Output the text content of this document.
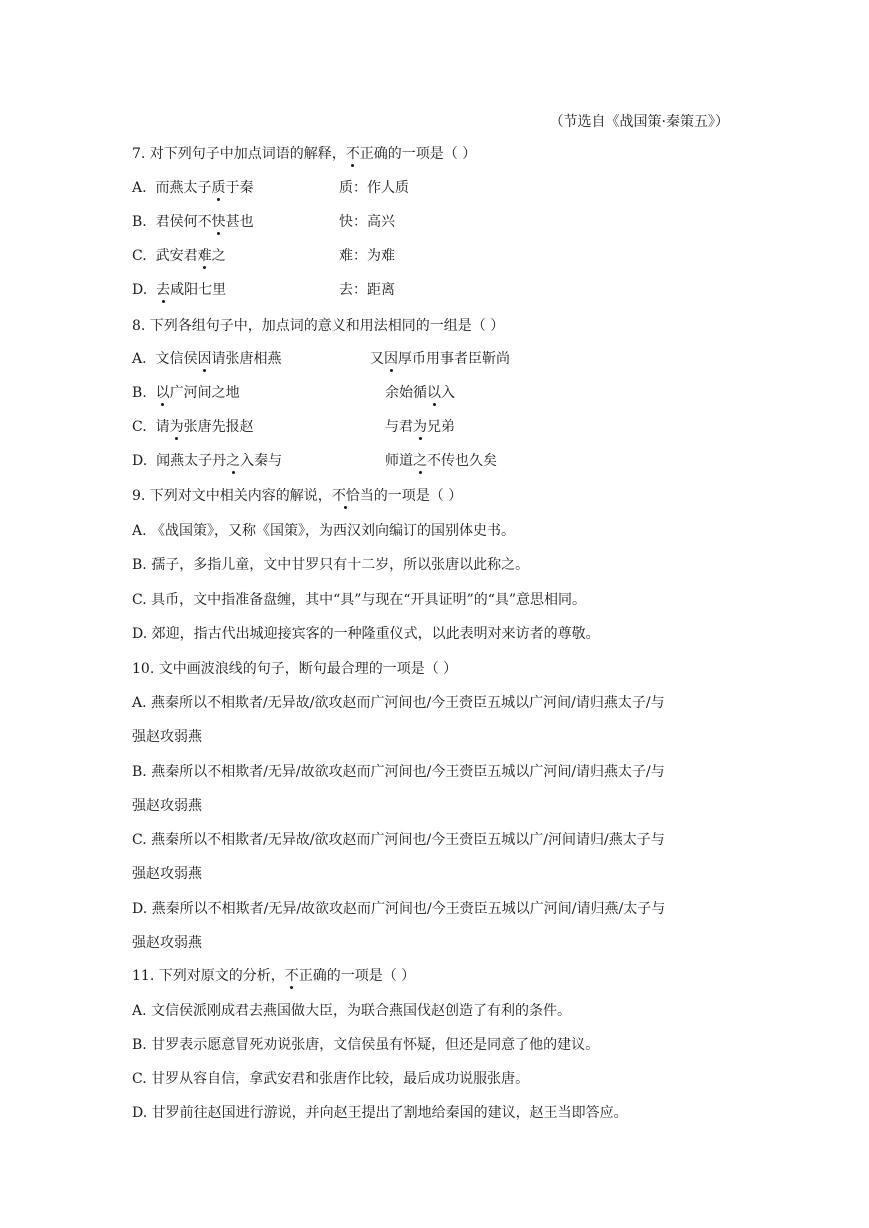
（节选自《战国策·秦策五》）
7. 对下列句子中加点词语的解释，不正确的一项是（ ）
A. 而燕太子质于秦	质：作人质
B. 君侯何不快甚也	快：高兴
C. 武安君难之	难：为难
D. 去咸阳七里	去：距离
8. 下列各组句子中，加点词的意义和用法相同的一组是（ ）
A. 文信侯因请张唐相燕	又因厚币用事者臣靳尚
B. 以广河间之地	余始循以入
C. 请为张唐先报赵	与君为兄弟
D. 闻燕太子丹之入秦与	师道之不传也久矣
9. 下列对文中相关内容的解说，不恰当的一项是（ ）
A. 《战国策》，又称《国策》，为西汉刘向编订的国别体史书。
B. 孺子，多指儿童，文中甘罗只有十二岁，所以张唐以此称之。
C. 具币，文中指准备盘缠，其中“具”与现在“开具证明”的“具”意思相同。
D. 郊迎，指古代出城迎接宾客的一种隆重仪式，以此表明对来访者的尊敬。
10. 文中画波浪线的句子，断句最合理的一项是（ ）
A. 燕秦所以不相欺者/无异故/欲攻赵而广河间也/今王赍臣五城以广河间/请归燕太子/与
强赵攻弱燕
B. 燕秦所以不相欺者/无异/故欲攻赵而广河间也/今王赍臣五城以广河间/请归燕太子/与
强赵攻弱燕
C. 燕秦所以不相欺者/无异故/欲攻赵而广河间也/今王赍臣五城以广/河间请归/燕太子与
强赵攻弱燕
D. 燕秦所以不相欺者/无异/故欲攻赵而广河间也/今王赍臣五城以广河间/请归燕/太子与
强赵攻弱燕
11. 下列对原文的分析，不正确的一项是（ ）
A. 文信侯派刚成君去燕国做大臣，为联合燕国伐赵创造了有利的条件。
B. 甘罗表示愿意冒死劝说张唐，文信侯虽有怀疑，但还是同意了他的建议。
C. 甘罗从容自信，拿武安君和张唐作比较，最后成功说服张唐。
D. 甘罗前往赵国进行游说，并向赵王提出了割地给秦国的建议，赵王当即答应。
